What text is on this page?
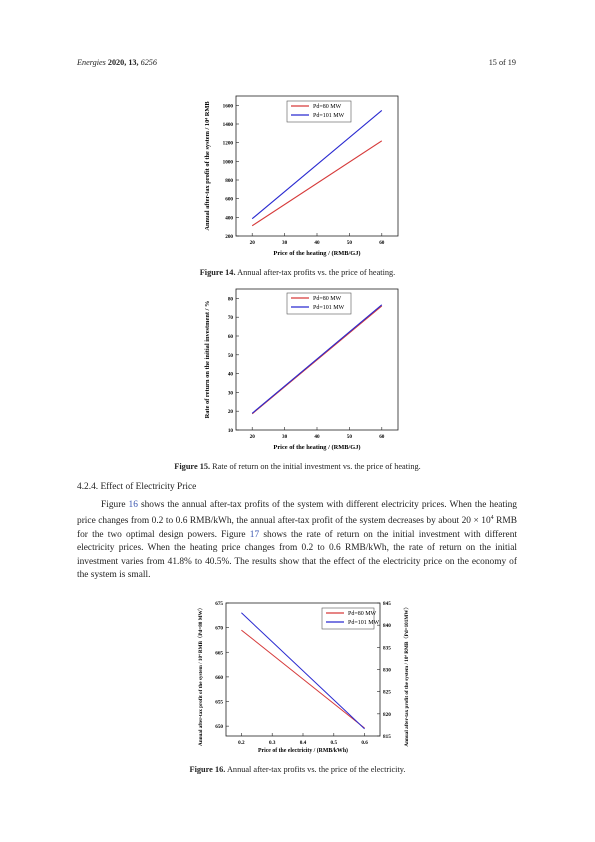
Energies 2020, 13, 6256	15 of 19
200
400
600
800
1000
1200
1400
1600
20	30	40	50	60
Price of the heating / (RMB/GJ)
Annual after-tax profit of the system / 10⁴ RMB	Pd=80 MW
Pd=101 MW
Figure 14. Annual after-tax profits vs. the price of heating.
10
20
30
40
50
60
70
80
20	30	40	50	60
Price of the heating / (RMB/GJ)
Rate of return on the initial investment / %
Pd=80 MW
Pd=101 MW
Figure 15. Rate of return on the initial investment vs. the price of heating.
4.2.4. Effect of Electricity Price

Figure 16 shows the annual after-tax profits of the system with different electricity prices. When the heating price changes from 0.2 to 0.6 RMB/kWh, the annual after-tax profit of the system decreases by about $20 \times 10^4$ RMB for the two optimal design powers. Figure 17 shows the rate of return on the initial investment with different electricity prices. When the heating price changes from 0.2 to 0.6 RMB/kWh, the rate of return on the initial investment varies from 41.8% to 40.5%. The results show that the effect of the electricity price on the economy of the system is small.

650
655
660
665
670
675
815
820
825
830
835
840
845
0.2	0.3	0.4	0.5	0.6
Price of the electricity / (RMB/kWh)
Annual after-tax profit of the system / 10⁴ RMB（Pd=80 MW）	Annual after-tax profit of the system / 10⁴ RMB（Pd=101MW）
Pd=80 MW
Pd=101 MW
Figure 16. Annual after-tax profits vs. the price of the electricity.
